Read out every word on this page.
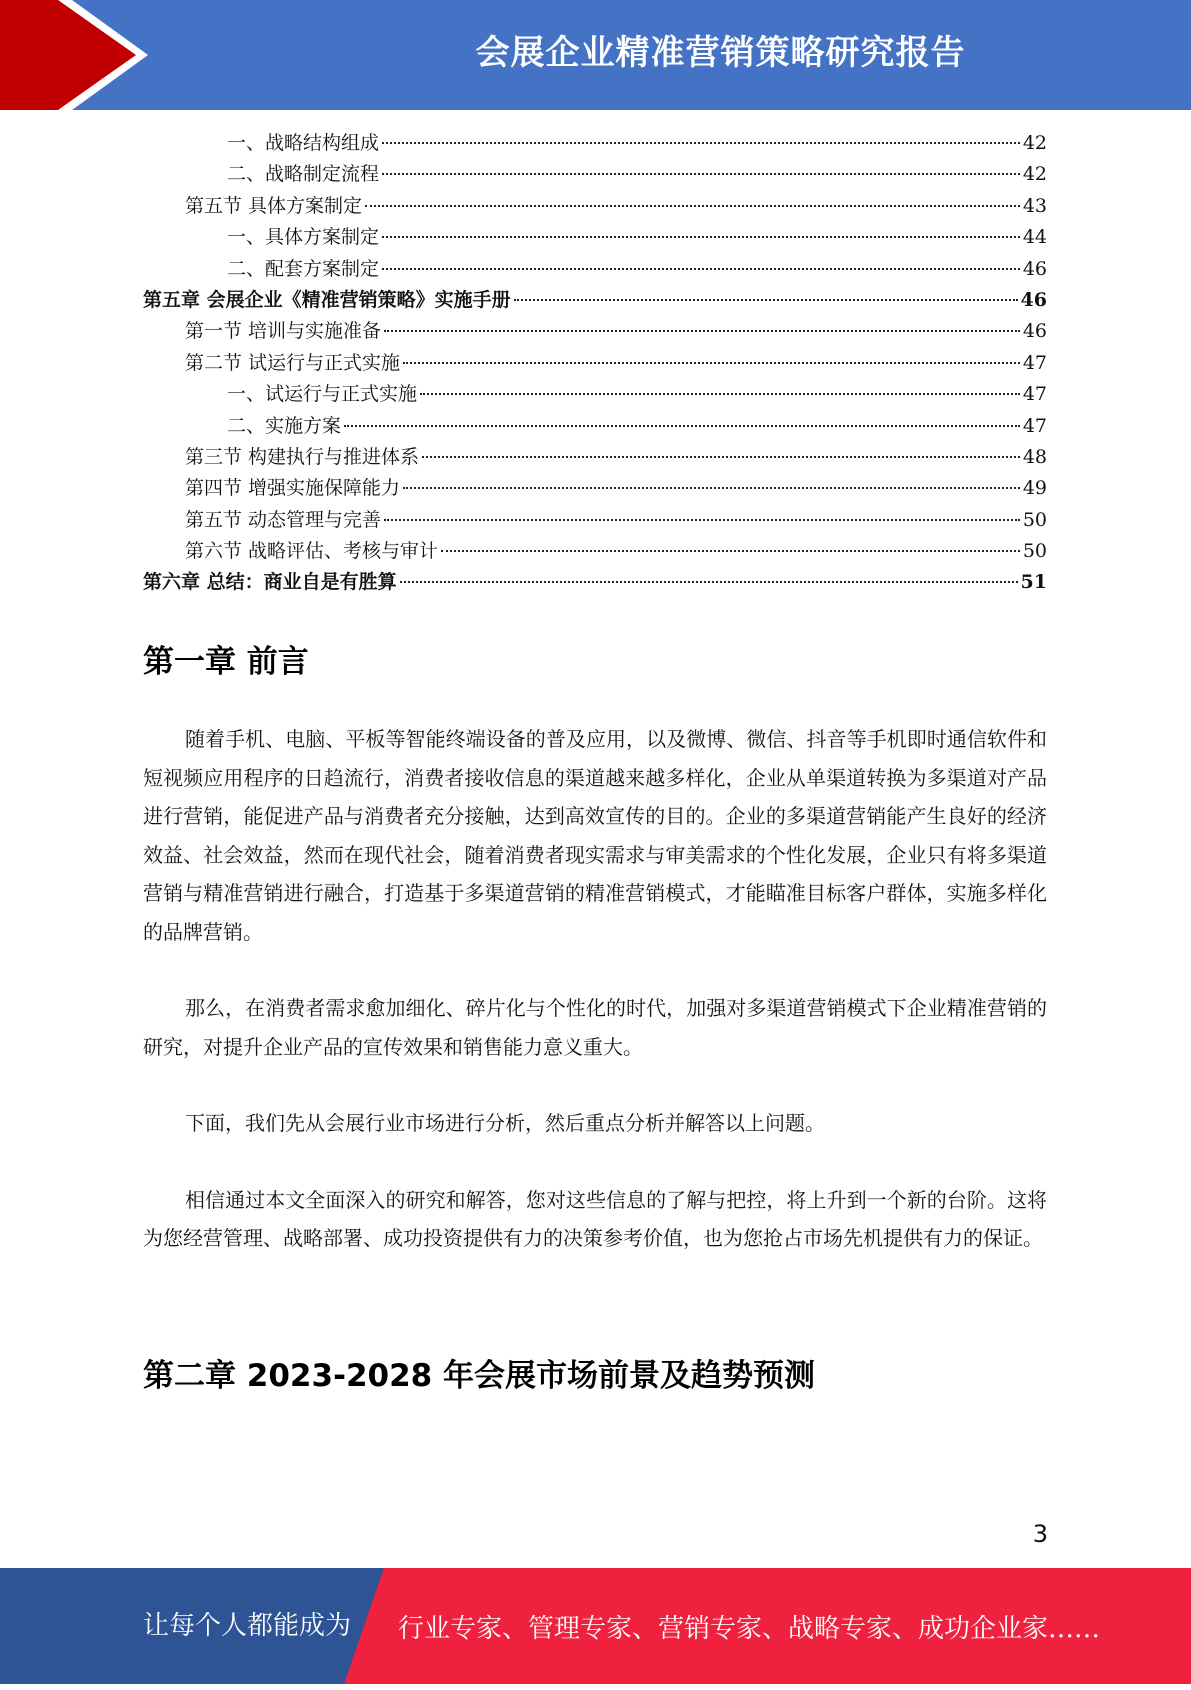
会展企业精准营销策略研究报告
一、战略结构组成	42
二、战略制定流程	42
第五节 具体方案制定	43
一、具体方案制定	44
二、配套方案制定	46
第五章 会展企业《精准营销策略》实施手册	46
第一节 培训与实施准备	46
第二节 试运行与正式实施	47
一、试运行与正式实施	47
二、实施方案	47
第三节 构建执行与推进体系	48
第四节 增强实施保障能力	49
第五节 动态管理与完善	50
第六节 战略评估、考核与审计	50
第六章 总结：商业自是有胜算	51
第一章 前言

随着手机、电脑、平板等智能终端设备的普及应用，以及微博、微信、抖音等手机即时通信软件和短视频应用程序的日趋流行，消费者接收信息的渠道越来越多样化，企业从单渠道转换为多渠道对产品进行营销，能促进产品与消费者充分接触，达到高效宣传的目的。企业的多渠道营销能产生良好的经济效益、社会效益，然而在现代社会，随着消费者现实需求与审美需求的个性化发展，企业只有将多渠道营销与精准营销进行融合，打造基于多渠道营销的精准营销模式，才能瞄准目标客户群体，实施多样化的品牌营销。

那么，在消费者需求愈加细化、碎片化与个性化的时代，加强对多渠道营销模式下企业精准营销的研究，对提升企业产品的宣传效果和销售能力意义重大。

下面，我们先从会展行业市场进行分析，然后重点分析并解答以上问题。

相信通过本文全面深入的研究和解答，您对这些信息的了解与把控，将上升到一个新的台阶。这将为您经营管理、战略部署、成功投资提供有力的决策参考价值，也为您抢占市场先机提供有力的保证。

第二章 2023-2028 年会展市场前景及趋势预测
3
让每个人都能成为 行业专家、管理专家、营销专家、战略专家、成功企业家……
